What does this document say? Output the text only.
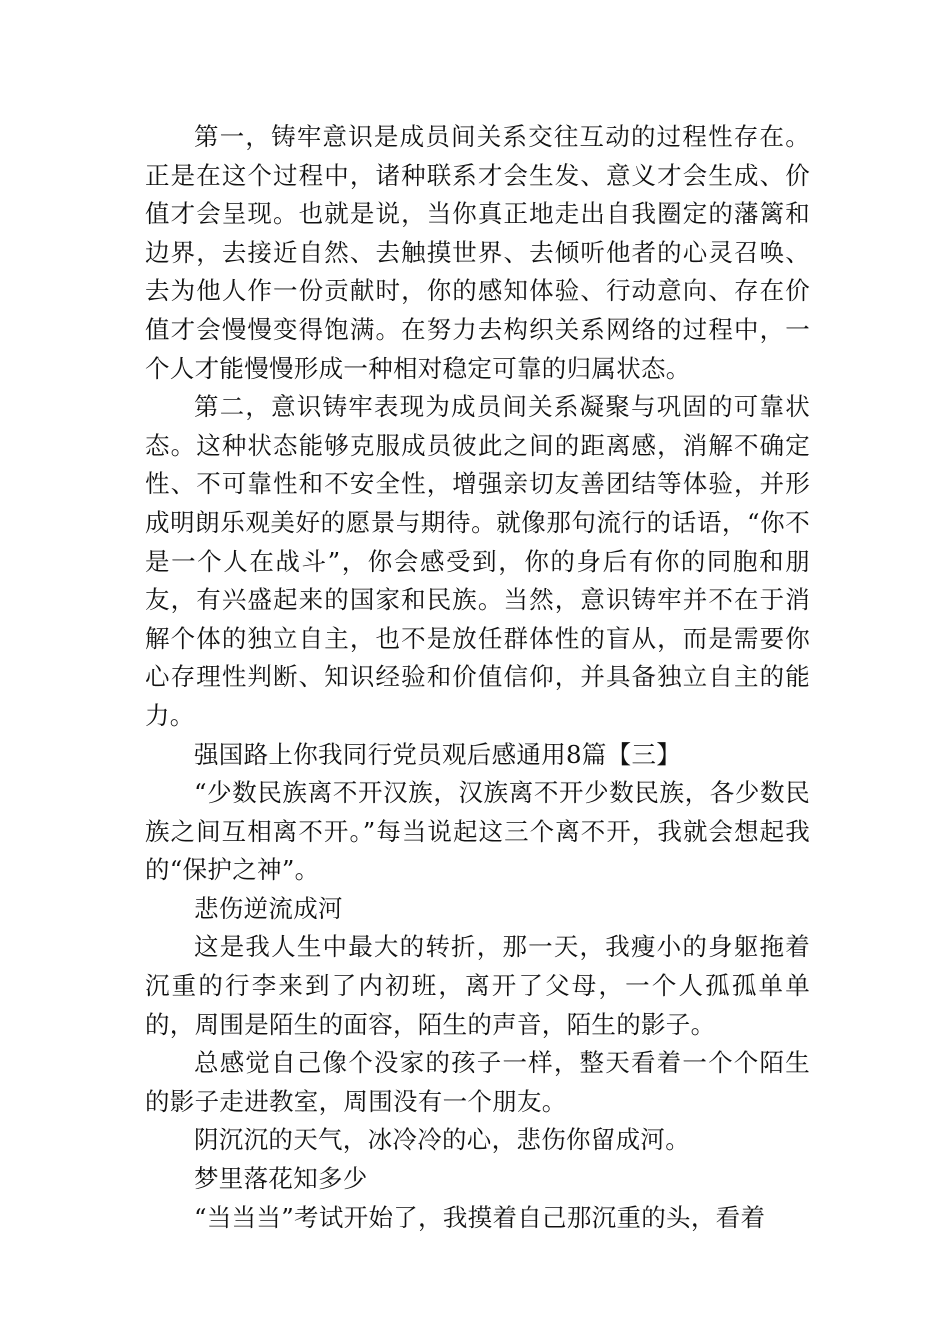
第一，铸牢意识是成员间关系交往互动的过程性存在。正是在这个过程中，诸种联系才会生发、意义才会生成、价值才会呈现。也就是说，当你真正地走出自我圈定的藩篱和边界，去接近自然、去触摸世界、去倾听他者的心灵召唤、去为他人作一份贡献时，你的感知体验、行动意向、存在价值才会慢慢变得饱满。在努力去构织关系网络的过程中，一个人才能慢慢形成一种相对稳定可靠的归属状态。

第二，意识铸牢表现为成员间关系凝聚与巩固的可靠状态。这种状态能够克服成员彼此之间的距离感，消解不确定性、不可靠性和不安全性，增强亲切友善团结等体验，并形成明朗乐观美好的愿景与期待。就像那句流行的话语，“你不是一个人在战斗”，你会感受到，你的身后有你的同胞和朋友，有兴盛起来的国家和民族。当然，意识铸牢并不在于消解个体的独立自主，也不是放任群体性的盲从，而是需要你心存理性判断、知识经验和价值信仰，并具备独立自主的能力。

强国路上你我同行党员观后感通用8篇【三】

“少数民族离不开汉族，汉族离不开少数民族，各少数民族之间互相离不开。”每当说起这三个离不开，我就会想起我的“保护之神”。

悲伤逆流成河

这是我人生中最大的转折，那一天，我瘦小的身躯拖着沉重的行李来到了内初班，离开了父母，一个人孤孤单单的，周围是陌生的面容，陌生的声音，陌生的影子。

总感觉自己像个没家的孩子一样，整天看着一个个陌生的影子走进教室，周围没有一个朋友。

阴沉沉的天气，冰冷冷的心，悲伤你留成河。

梦里落花知多少

“当当当”考试开始了，我摸着自己那沉重的头，看着
